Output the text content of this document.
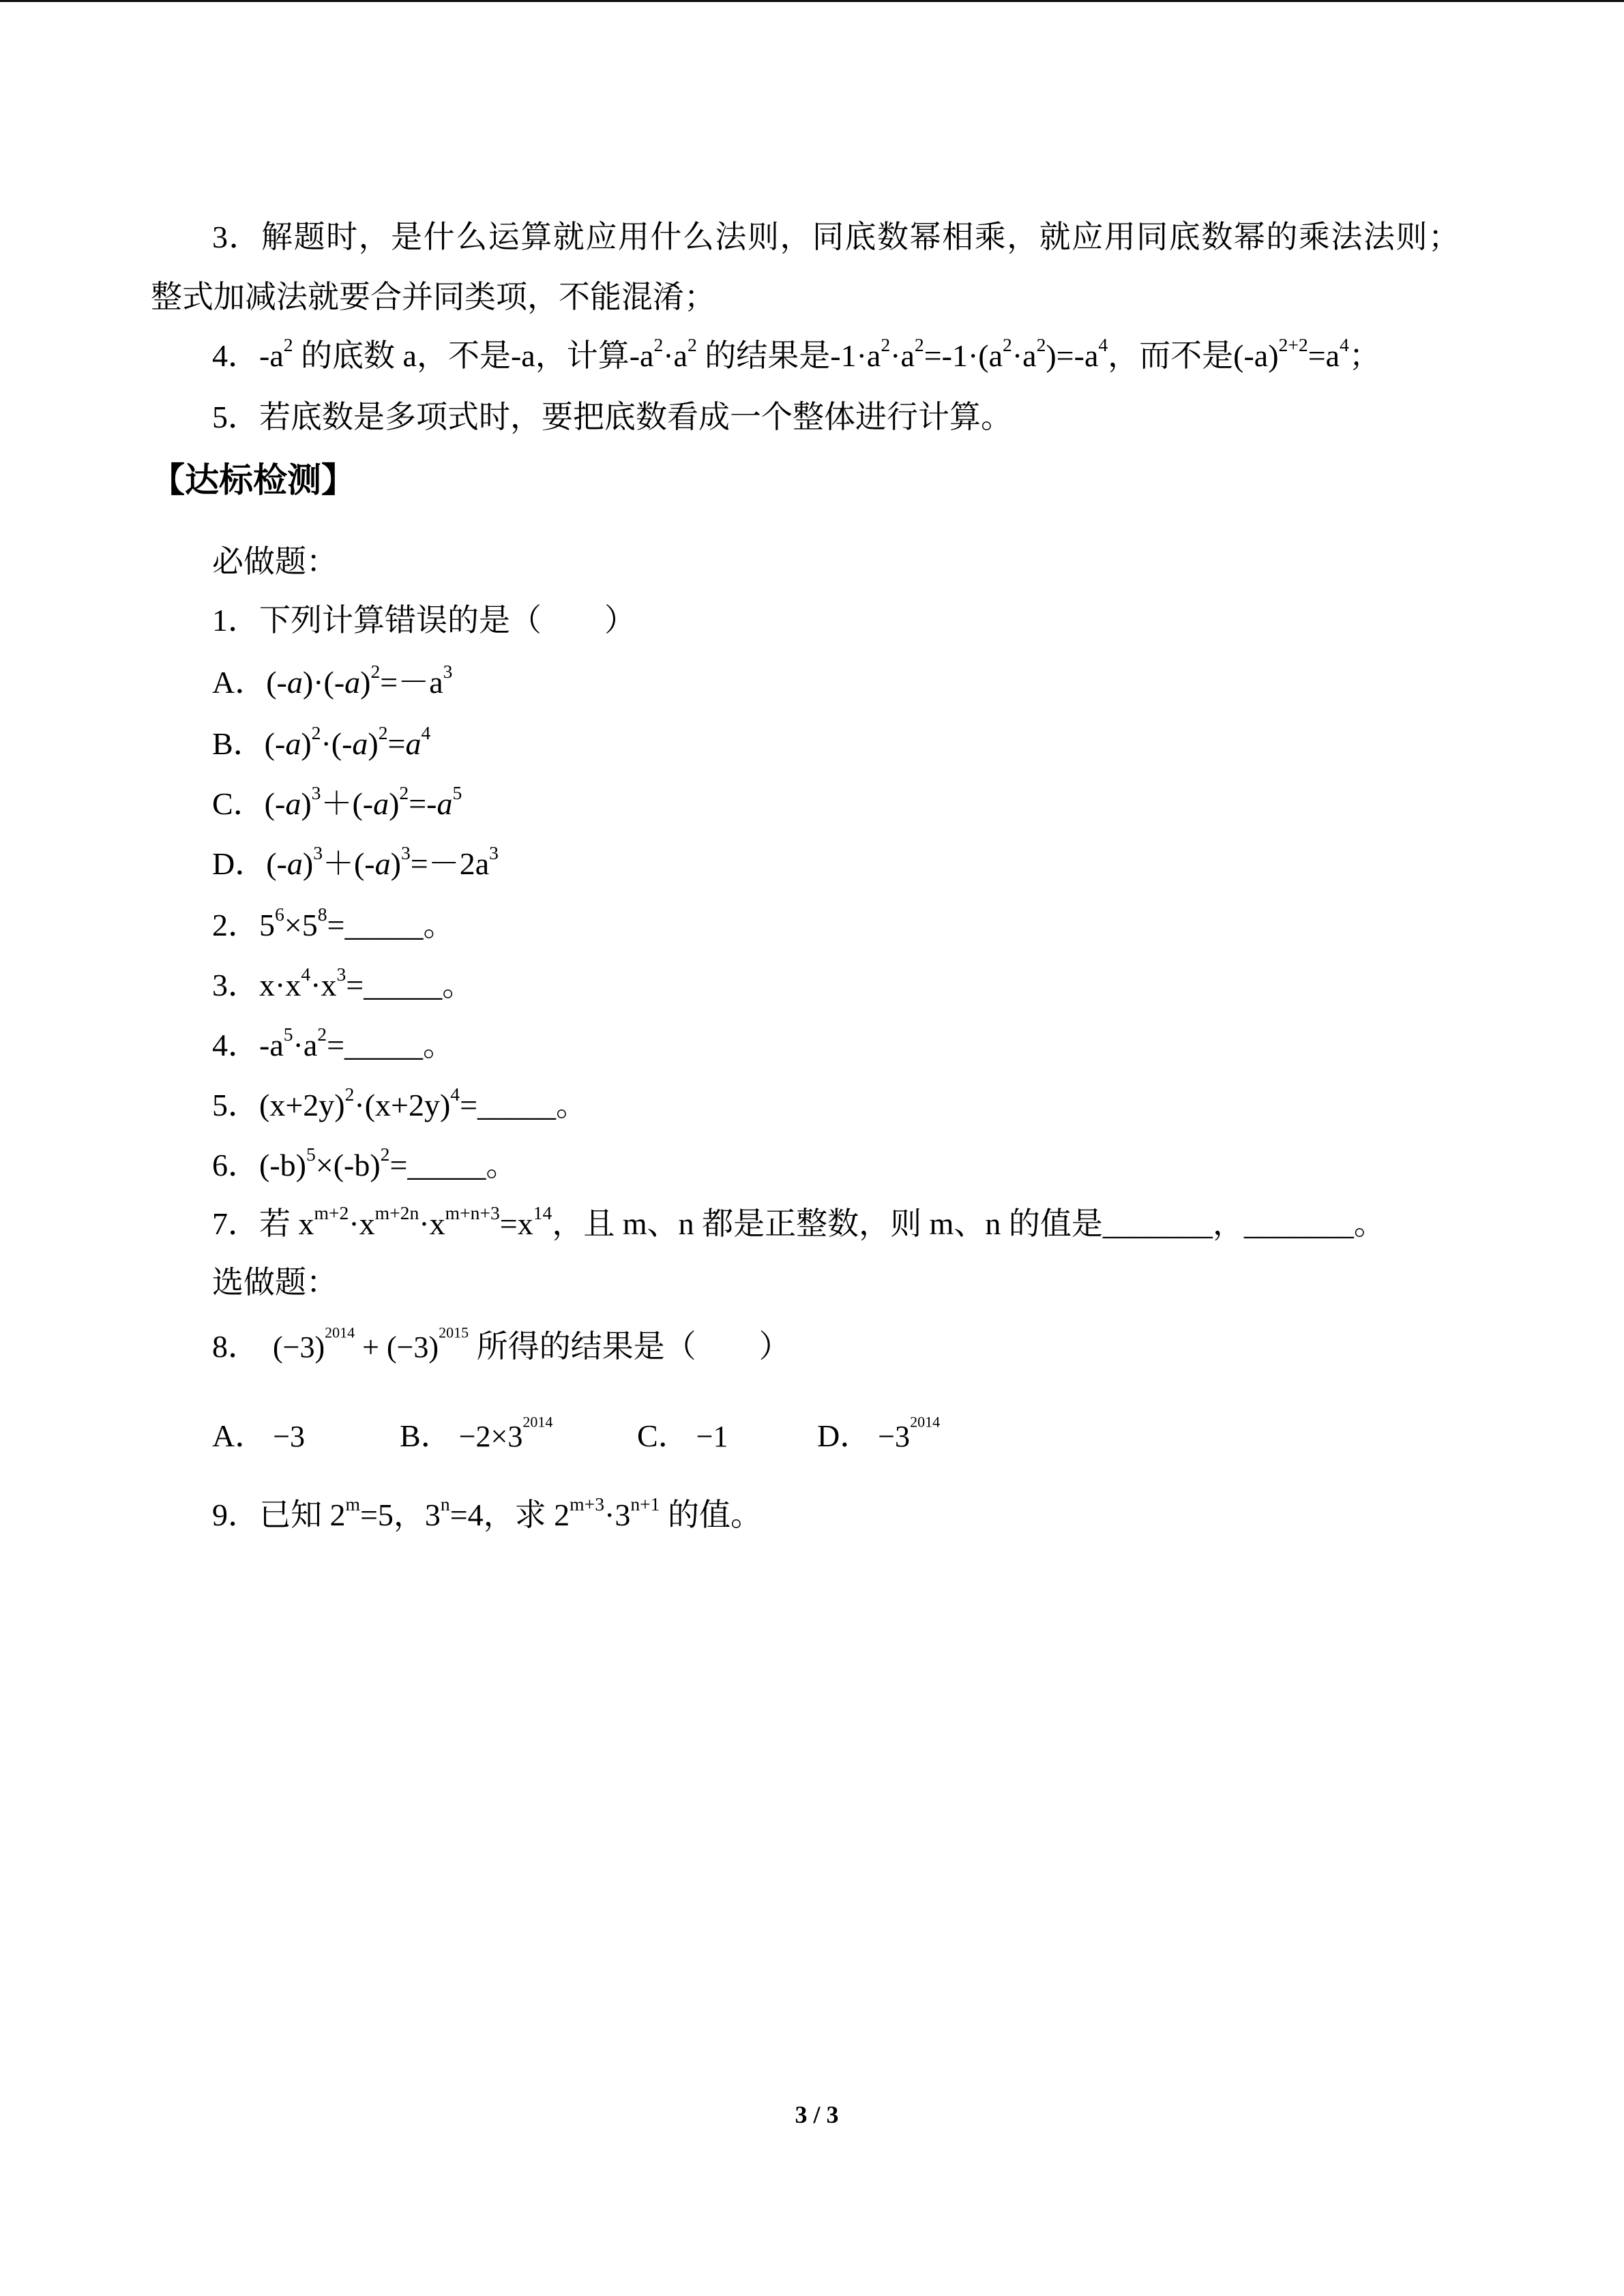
3．解题时，是什么运算就应用什么法则，同底数幂相乘，就应用同底数幂的乘法法则；
整式加减法就要合并同类项，不能混淆；
4．$-a^2$ 的底数 a，不是-a，计算$-a^2\cdot a^2$ 的结果是$-1\cdot a^2\cdot a^2=-1\cdot(a^2\cdot a^2)=-a^4$，而不是$(-a)^{2+2}=a^4$；
5．若底数是多项式时，要把底数看成一个整体进行计算。
【达标检测】
必做题：
1．下列计算错误的是（　　）
A．$(-a)\cdot(-a)^2=-a^3$
B．$(-a)^2\cdot(-a)^2=a^4$
C．$(-a)^3+(-a)^2=-a^5$
D．$(-a)^3+(-a)^3=-2a^3$
2．$5^6\times 5^8=\_\_\_\_\_$。
3．$x\cdot x^4\cdot x^3=\_\_\_\_\_$。
4．$-a^5\cdot a^2=\_\_\_\_\_$。
5．$(x+2y)^2\cdot(x+2y)^4=\_\_\_\_\_$。
6．$(-b)^5\times(-b)^2=\_\_\_\_\_$。
7．若 $x^{m+2}\cdot x^{m+2n}\cdot x^{m+n+3}=x^{14}$，且 m、n 都是正整数，则 m、n 的值是_______，_______。
选做题：
8． $(-3)^{2014} + (-3)^{2015}$ 所得的结果是（　　）
A． −3	B． $-2\times 3^{2014}$	C． −1	D． $-3^{2014}$
9．已知 $2^m=5$，$3^n=4$，求 $2^{m+3}\cdot 3^{n+1}$ 的值。
3 / 3
